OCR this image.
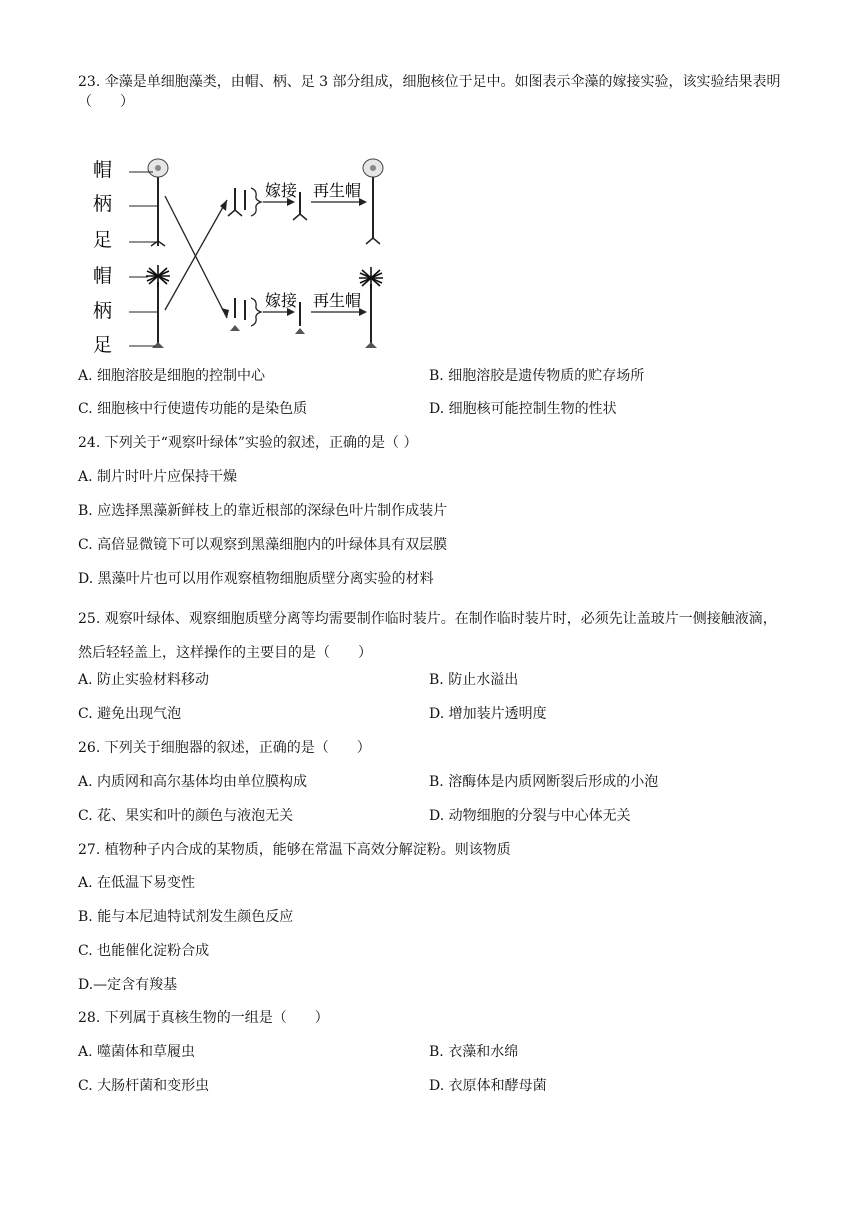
23. 伞藻是单细胞藻类，由帽、柄、足 3 部分组成，细胞核位于足中。如图表示伞藻的嫁接实验，该实验结果表明（　　）
帽
柄
足
帽
柄
足
嫁接 再生帽
嫁接 再生帽
A. 细胞溶胶是细胞的控制中心	B. 细胞溶胶是遗传物质的贮存场所
C. 细胞核中行使遗传功能的是染色质	D. 细胞核可能控制生物的性状
24. 下列关于“观察叶绿体”实验的叙述，正确的是（ ）
A. 制片时叶片应保持干燥
B. 应选择黑藻新鲜枝上的靠近根部的深绿色叶片制作成装片
C. 高倍显微镜下可以观察到黑藻细胞内的叶绿体具有双层膜
D. 黑藻叶片也可以用作观察植物细胞质壁分离实验的材料
25. 观察叶绿体、观察细胞质壁分离等均需要制作临时装片。在制作临时装片时，必须先让盖玻片一侧接触液滴，然后轻轻盖上，这样操作的主要目的是（　　）
A. 防止实验材料移动	B. 防止水溢出
C. 避免出现气泡	D. 增加装片透明度
26. 下列关于细胞器的叙述，正确的是（　　）
A. 内质网和高尔基体均由单位膜构成	B. 溶酶体是内质网断裂后形成的小泡
C. 花、果实和叶的颜色与液泡无关	D. 动物细胞的分裂与中心体无关
27. 植物种子内合成的某物质，能够在常温下高效分解淀粉。则该物质
A. 在低温下易变性
B. 能与本尼迪特试剂发生颜色反应
C. 也能催化淀粉合成
D.—定含有羧基
28. 下列属于真核生物的一组是（　　）
A. 噬菌体和草履虫	B. 衣藻和水绵
C. 大肠杆菌和变形虫	D. 衣原体和酵母菌
